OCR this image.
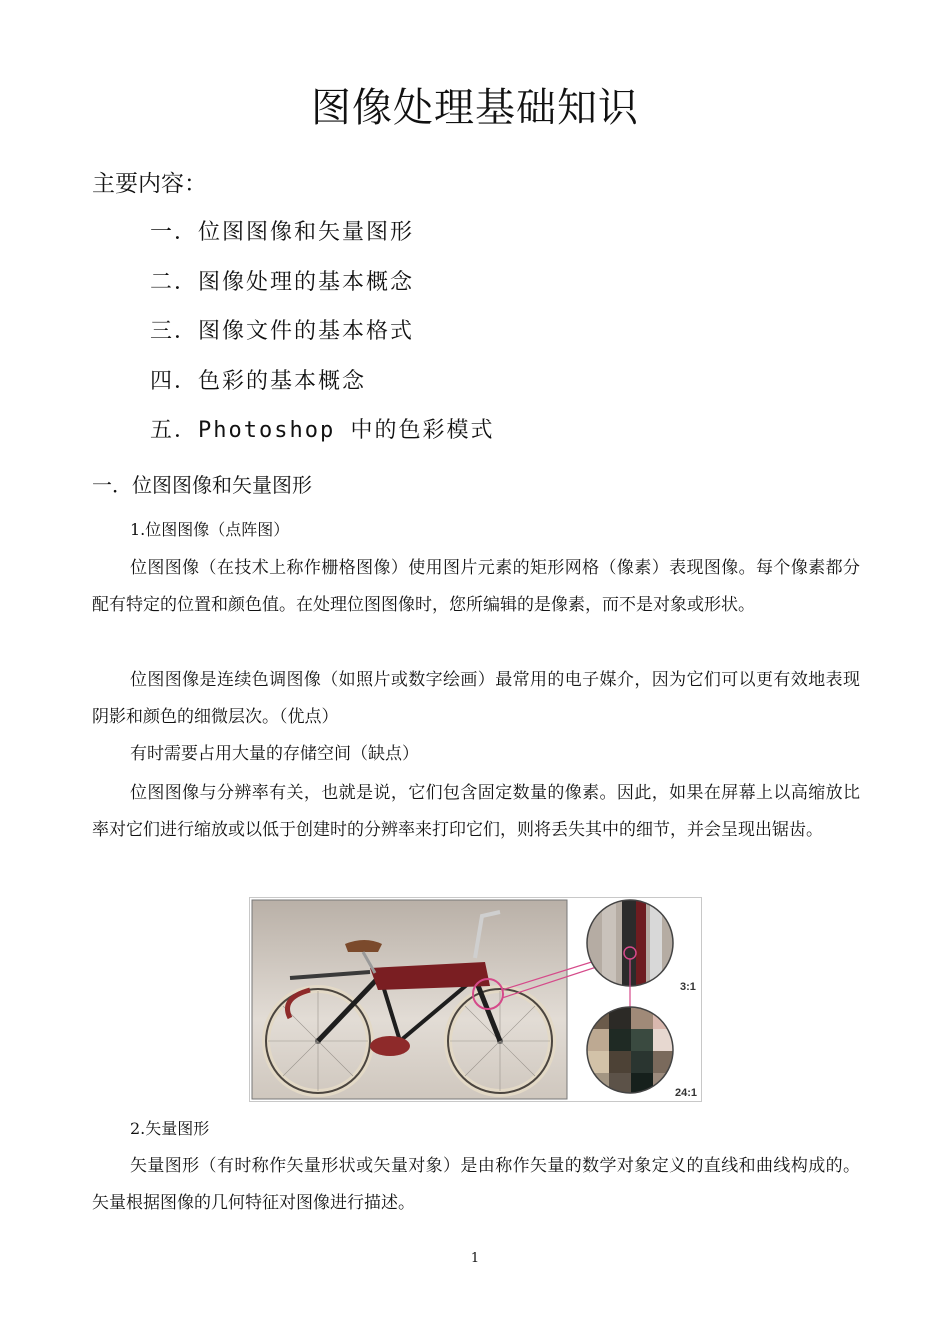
图像处理基础知识
主要内容：
一．位图图像和矢量图形
二．图像处理的基本概念
三．图像文件的基本格式
四．色彩的基本概念
五．Photoshop 中的色彩模式
一．位图图像和矢量图形
1.位图图像（点阵图）

位图图像（在技术上称作栅格图像）使用图片元素的矩形网格（像素）表现图像。每个像素都分配有特定的位置和颜色值。在处理位图图像时，您所编辑的是像素，而不是对象或形状。

位图图像是连续色调图像（如照片或数字绘画）最常用的电子媒介，因为它们可以更有效地表现阴影和颜色的细微层次。（优点）

有时需要占用大量的存储空间（缺点）

位图图像与分辨率有关，也就是说，它们包含固定数量的像素。因此，如果在屏幕上以高缩放比率对它们进行缩放或以低于创建时的分辨率来打印它们，则将丢失其中的细节，并会呈现出锯齿。

3:1
24:1
2.矢量图形

矢量图形（有时称作矢量形状或矢量对象）是由称作矢量的数学对象定义的直线和曲线构成的。矢量根据图像的几何特征对图像进行描述。

1
